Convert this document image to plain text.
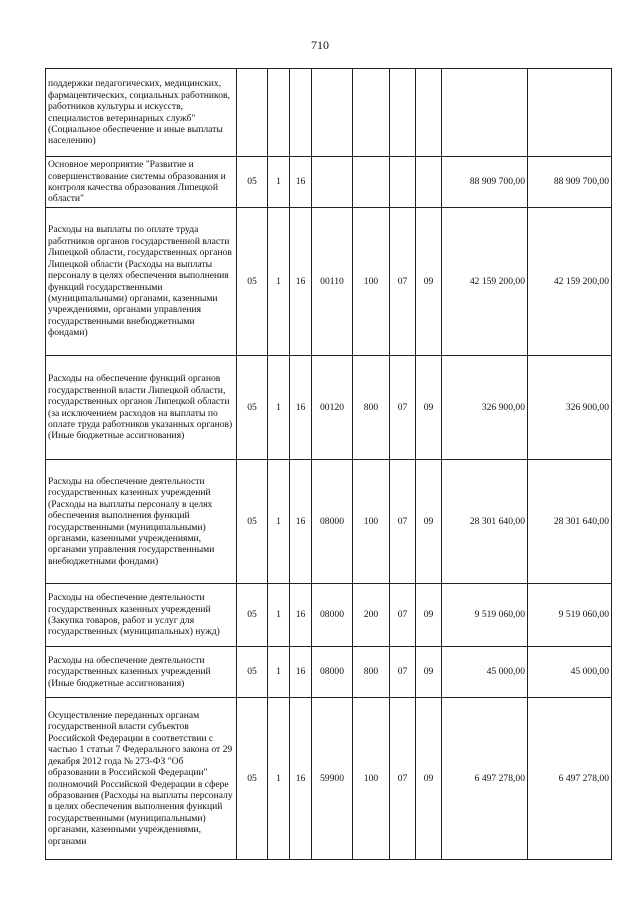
710
поддержки педагогических, медицинских, фармацевтических, социальных работников, работников культуры и искусств, специалистов ветеринарных служб" (Социальное обеспечение и иные выплаты населению)									
Основное мероприятие "Развитие и совершенствование системы образования и контроля качества образования Липецкой области"	05	1	16					88 909 700,00	88 909 700,00
Расходы на выплаты по оплате труда работников органов государственной власти Липецкой области, государственных органов Липецкой области (Расходы на выплаты персоналу в целях обеспечения выполнения функций государственными (муниципальными) органами, казенными учреждениями, органами управления государственными внебюджетными фондами)	05	1	16	00110	100	07	09	42 159 200,00	42 159 200,00
Расходы на обеспечение функций органов государственной власти Липецкой области, государственных органов Липецкой области (за исключением расходов на выплаты по оплате труда работников указанных органов) (Иные бюджетные ассигнования)	05	1	16	00120	800	07	09	326 900,00	326 900,00
Расходы на обеспечение деятельности государственных казенных учреждений (Расходы на выплаты персоналу в целях обеспечения выполнения функций государственными (муниципальными) органами, казенными учреждениями, органами управления государственными внебюджетными фондами)	05	1	16	08000	100	07	09	28 301 640,00	28 301 640,00
Расходы на обеспечение деятельности государственных казенных учреждений (Закупка товаров, работ и услуг для государственных (муниципальных) нужд)	05	1	16	08000	200	07	09	9 519 060,00	9 519 060,00
Расходы на обеспечение деятельности государственных казенных учреждений (Иные бюджетные ассигнования)	05	1	16	08000	800	07	09	45 000,00	45 000,00
Осуществление переданных органам государственной власти субъектов Российской Федерации в соответствии с частью 1 статьи 7 Федерального закона от 29 декабря 2012 года № 273-ФЗ "Об образовании в Российской Федерации" полномочий Российской Федерации в сфере образования (Расходы на выплаты персоналу в целях обеспечения выполнения функций государственными (муниципальными) органами, казенными учреждениями, органами	05	1	16	59900	100	07	09	6 497 278,00	6 497 278,00
